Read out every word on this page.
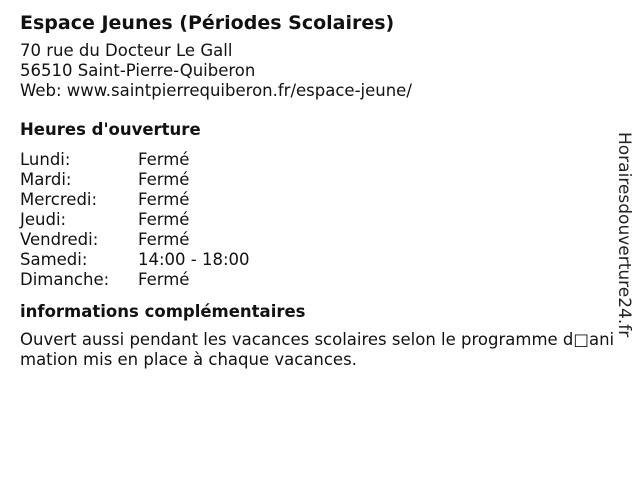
Espace Jeunes (Périodes Scolaires)
70 rue du Docteur Le Gall
56510 Saint-Pierre-Quiberon
Web: www.saintpierrequiberon.fr/espace-jeune/
Heures d'ouverture
Lundi:	Fermé
Mardi:	Fermé
Mercredi:	Fermé
Jeudi:	Fermé
Vendredi:	Fermé
Samedi:	14:00 - 18:00
Dimanche:	Fermé
informations complémentaires
Ouvert aussi pendant les vacances scolaires selon le programme d□animation mis en place à chaque vacances.
Horairesdouverture24.fr
